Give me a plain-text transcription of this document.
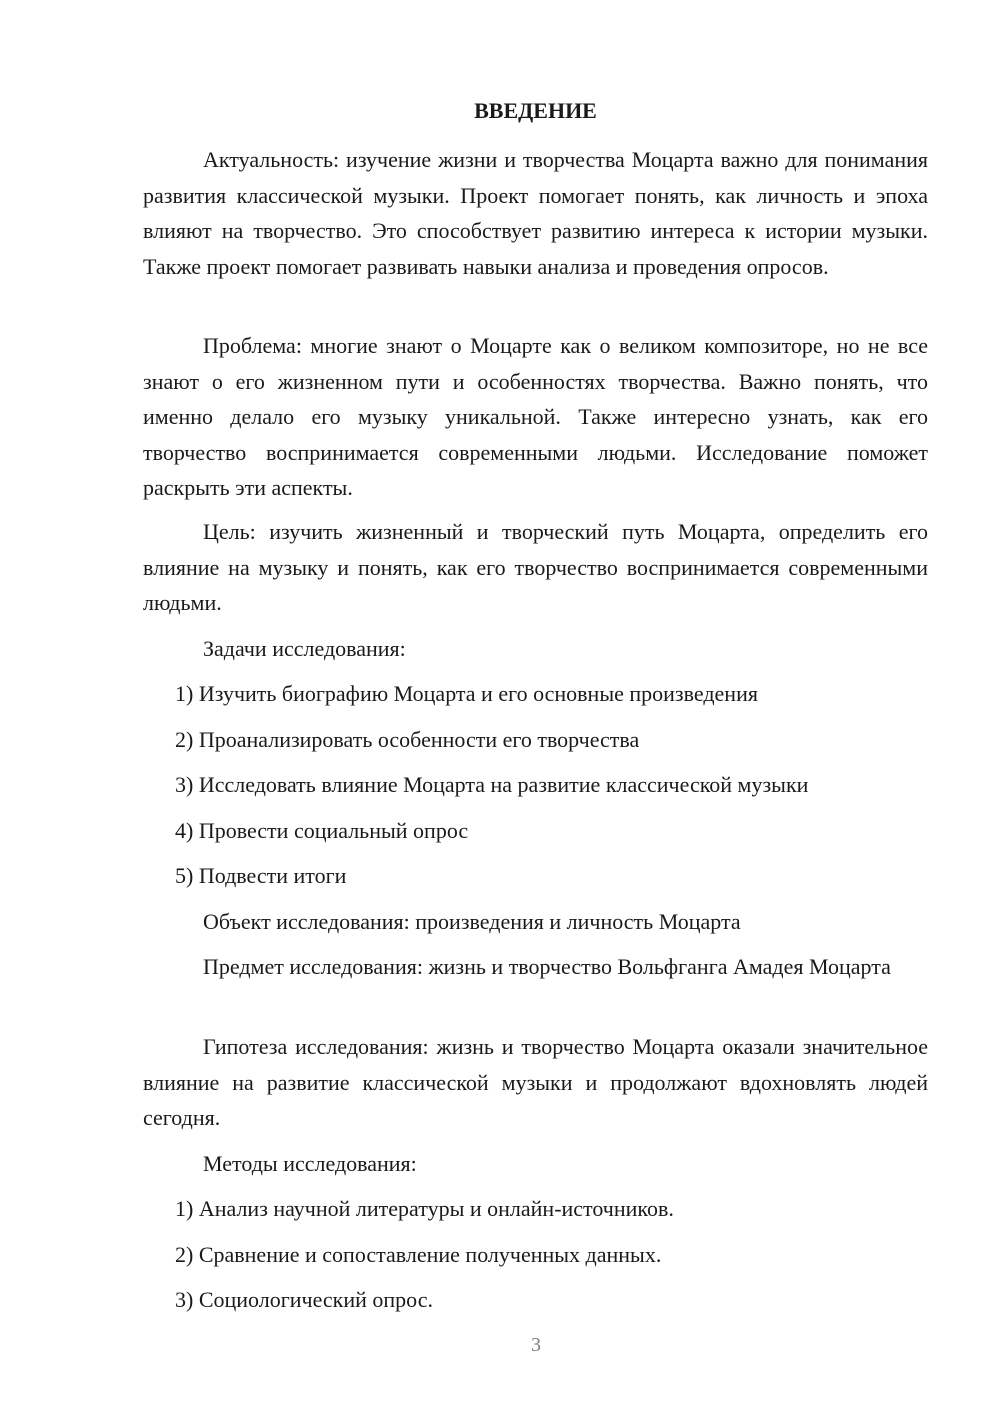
ВВЕДЕНИЕ

Актуальность: изучение жизни и творчества Моцарта важно для понимания развития классической музыки. Проект помогает понять, как личность и эпоха влияют на творчество. Это способствует развитию интереса к истории музыки. Также проект помогает развивать навыки анализа и проведения опросов.

Проблема: многие знают о Моцарте как о великом композиторе, но не все знают о его жизненном пути и особенностях творчества. Важно понять, что именно делало его музыку уникальной. Также интересно узнать, как его творчество воспринимается современными людьми. Исследование поможет раскрыть эти аспекты.

Цель: изучить жизненный и творческий путь Моцарта, определить его влияние на музыку и понять, как его творчество воспринимается современными людьми.

Задачи исследования:
1) Изучить биографию Моцарта и его основные произведения
2) Проанализировать особенности его творчества
3) Исследовать влияние Моцарта на развитие классической музыки
4) Провести социальный опрос
5) Подвести итоги
Объект исследования: произведения и личность Моцарта

Предмет исследования: жизнь и творчество Вольфганга Амадея Моцарта

Гипотеза исследования: жизнь и творчество Моцарта оказали значительное влияние на развитие классической музыки и продолжают вдохновлять людей сегодня.

Методы исследования:
1) Анализ научной литературы и онлайн-источников.
2) Сравнение и сопоставление полученных данных.
3) Социологический опрос.
3
